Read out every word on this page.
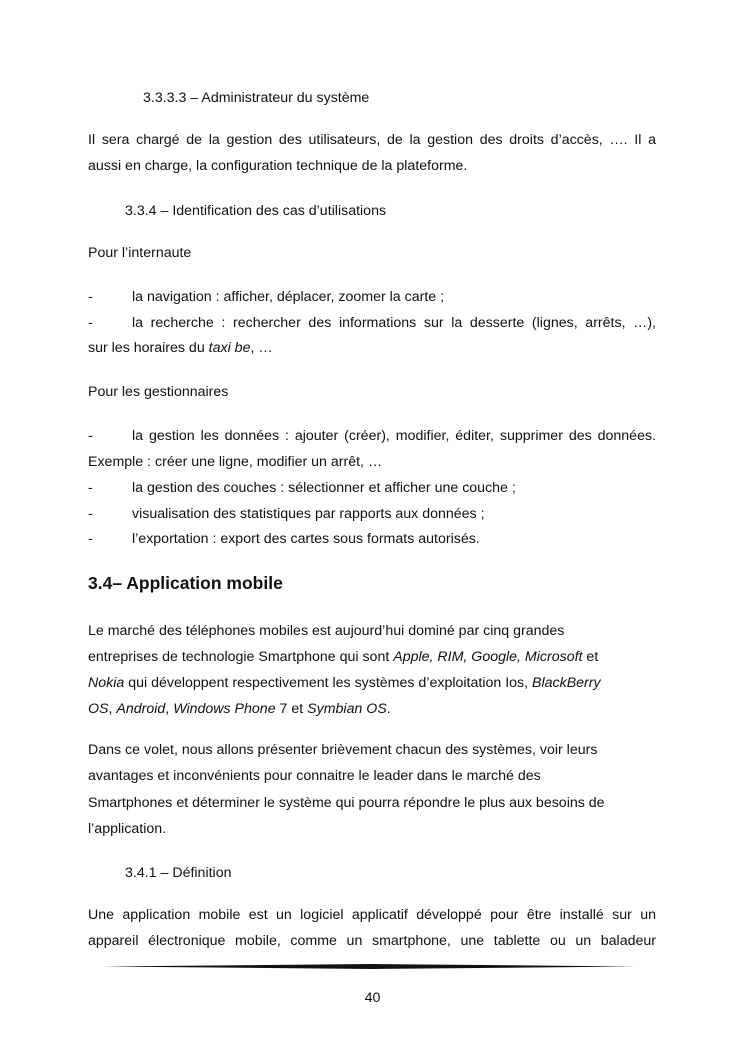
3.3.3.3 – Administrateur du système
Il sera chargé de la gestion des utilisateurs, de la gestion des droits d’accès, …. Il a
aussi en charge, la configuration technique de la plateforme.
3.3.4 – Identification des cas d’utilisations
Pour l’internaute
-	la navigation : afficher, déplacer, zoomer la carte ;
-	la recherche : rechercher des informations sur la desserte (lignes, arrêts, …),
sur les horaires du taxi be, …
Pour les gestionnaires
-	la gestion les données : ajouter (créer), modifier, éditer, supprimer des données.
Exemple : créer une ligne, modifier un arrêt, …
-	la gestion des couches : sélectionner et afficher une couche ;
-	visualisation des statistiques par rapports aux données ;
-	l’exportation : export des cartes sous formats autorisés.
3.4– Application mobile
Le marché des téléphones mobiles est aujourd’hui dominé par cinq grandes
entreprises de technologie Smartphone qui sont Apple, RIM, Google, Microsoft et
Nokia qui développent respectivement les systèmes d’exploitation Ios, BlackBerry
OS, Android, Windows Phone 7 et Symbian OS.
Dans ce volet, nous allons présenter brièvement chacun des systèmes, voir leurs
avantages et inconvénients pour connaitre le leader dans le marché des
Smartphones et déterminer le système qui pourra répondre le plus aux besoins de
l’application.
3.4.1 – Définition
Une application mobile est un logiciel applicatif développé pour être installé sur un
appareil électronique mobile, comme un smartphone, une tablette ou un baladeur
40
